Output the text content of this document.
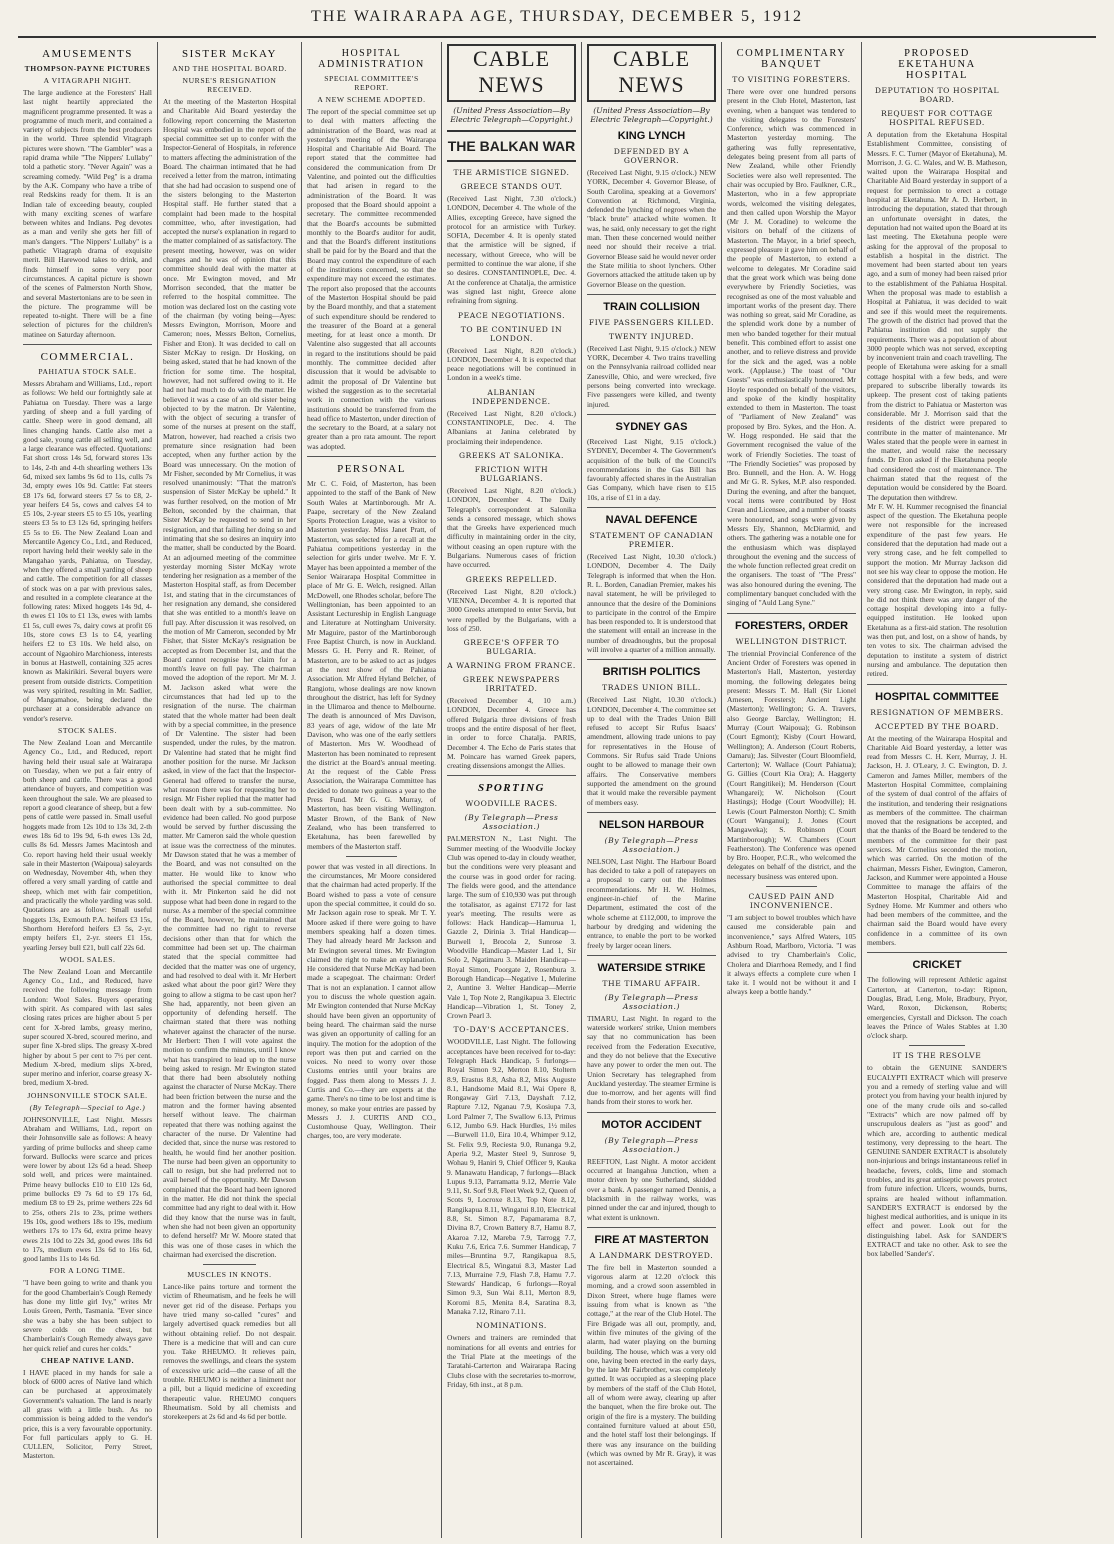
THE WAIRARAPA AGE, THURSDAY, DECEMBER 5, 1912
AMUSEMENTS
THOMPSON-PAYNE PICTURES
A VITAGRAPH NIGHT.

The large audience at the Foresters' Hall last night heartily appreciated the magnificent programme presented. It was a programme of much merit, and contained a variety of subjects from the best producers in the world. Three splendid Vitagraph pictures were shown. "The Gambler" was a rapid drama while "The Nippers' Lullaby" told a pathetic story. "Never Again" was a screaming comedy. "Wild Peg" is a drama by the A.K. Company who have a tribe of real Redskins ready for them. It is an Indian tale of exceeding beauty, coupled with many exciting scenes of warfare between whites and Indians. Peg devotes as a man and verily she gets her fill of man's dangers. "The Nippers' Lullaby" is a pathetic Vitagraph drama of exquisite merit. Bill Harewood takes to drink, and finds himself in some very poor circumstances. A capital picture is shown of the scenes of Palmerston North Show, and several Mastertonians are to be seen in the picture. The programme will be repeated to-night. There will be a fine selection of pictures for the children's matinee on Saturday afternoon.

COMMERCIAL.
PAHIATUA STOCK SALE.

Messrs Abraham and Williams, Ltd., report as follows: We held our fortnightly sale at Pahiatua on Tuesday. There was a large yarding of sheep and a full yarding of cattle. Sheep were in good demand, all lines changing hands. Cattle also met a good sale, young cattle all selling well, and a large clearance was effected. Quotations: Fat short cross 14s 5d, forward stores 13s to 14s, 2-th and 4-th shearling wethers 13s 6d, mixed sex lambs 9s 6d to 11s, culls 7s 3d, empty ewes 10s 9d. Cattle: Fat steers £8 17s 6d, forward steers £7 5s to £8, 2-year heifers £4 5s, cows and calves £4 to £5 10s, 2-year steers £5 to £5 10s, yearling steers £3 5s to £3 12s 6d, springing heifers £5 5s to £6. The New Zealand Loan and Mercantile Agency Co., Ltd., and Reduced, report having held their weekly sale in the Mangahao yards, Pahiatua, on Tuesday, when they offered a small yarding of sheep and cattle. The competition for all classes of stock was on a par with previous sales, and resulted in a complete clearance at the following rates: Mixed hoggets 14s 9d, 4-th ewes £1 10s to £1 13s, ewes with lambs £1 5s, cull ewes 7s, dairy cows at profit £6 10s, store cows £3 1s to £4, yearling heifers £2 to £3 10s. We held also, on account of Ngaohiro Marchioness, interests in bonus at Hastwell, containing 325 acres known as Makirikiri. Several buyers were present from outside districts. Competition was very spirited, resulting in Mr. Sadlier, of Mangamahoe, being declared the purchaser at a considerable advance on vendor's reserve.

STOCK SALES.

The New Zealand Loan and Mercantile Agency Co., Ltd., and Reduced, report having held their usual sale at Wairarapa on Tuesday, when we put a fair entry of both sheep and cattle. There was a good attendance of buyers, and competition was keen throughout the sale. We are pleased to report a good clearance of sheep, but a few pens of cattle were passed in. Small useful hoggets made from 12s 10d to 13s 3d, 2-th ewes 18s 6d to 19s 9d, 6-th ewes 13s 2d, culls 8s 6d. Messrs James Macintosh and Co. report having held their usual weekly sale in their Masterton (Waipoua) saleyards on Wednesday, November 4th, when they offered a very small yarding of cattle and sheep, which met with fair competition, and practically the whole yarding was sold. Quotations are as follow: Small useful hoggets 13s, Exmouth P.A. heifers £3 15s, Shorthorn Hereford heifers £3 5s, 2-yr. empty heifers £1, 2-yr. steers £1 15s, yearling Jersey bull £21, bull calf 22s 6d.

WOOL SALES.

The New Zealand Loan and Mercantile Agency Co., Ltd., and Reduced, have received the following message from London: Wool Sales. Buyers operating with spirit. As compared with last sales closing rates prices are higher about 5 per cent for X-bred lambs, greasy merino, super scoured X-bred, scoured merino, and super fine X-bred slips. The greasy X-bred higher by about 5 per cent to 7½ per cent. Medium X-bred, medium slips X-bred, super merino and inferior, coarse greasy X-bred, medium X-bred.

JOHNSONVILLE STOCK SALE.
(By Telegraph—Special to Age.)

JOHNSONVILLE, Last Night. Messrs Abraham and Williams, Ltd., report on their Johnsonville sale as follows: A heavy yarding of prime bullocks and sheep came forward. Bullocks were scarce and prices were lower by about 12s 6d a head. Sheep sold well, and prices were maintained. Prime heavy bullocks £10 to £10 12s 6d, prime bullocks £9 7s 6d to £9 17s 6d, medium £8 to £9 2s, prime wethers 22s 6d to 25s, others 21s to 23s, prime wethers 19s 10s, good wethers 18s to 19s, medium wethers 17s to 17s 6d, extra prime heavy ewes 21s 10d to 22s 3d, good ewes 18s 6d to 17s, medium ewes 13s 6d to 16s 6d, good lambs 11s to 14s 6d.

FOR A LONG TIME.

"I have been going to write and thank you for the good Chamberlain's Cough Remedy has done my little girl Ivy," writes Mr Louis Green, Perth, Tasmania. "Ever since she was a baby she has been subject to severe colds on the chest, but Chamberlain's Cough Remedy always gave her quick relief and cures her colds."

CHEAP NATIVE LAND.

I HAVE placed in my hands for sale a block of 6000 acres of Native land which can be purchased at approximately Government's valuation. The land is nearly all grass with a little bush. As no commission is being added to the vendor's price, this is a very favourable opportunity. For full particulars apply to G. H. CULLEN, Solicitor, Perry Street, Masterton.

SISTER McKAY
AND THE HOSPITAL BOARD.
NURSE'S RESIGNATION RECEIVED.

At the meeting of the Masterton Hospital and Charitable Aid Board yesterday the following report concerning the Masterton Hospital was embodied in the report of the special committee set up to confer with the Inspector-General of Hospitals, in reference to matters affecting the administration of the Board. The chairman intimated that he had received a letter from the matron, intimating that she had had occasion to suspend one of the sisters belonging to the Masterton Hospital staff. He further stated that a complaint had been made to the hospital committee, who, after investigation, had accepted the nurse's explanation in regard to the matter complained of as satisfactory. The present meeting, however, was on wider charges and he was of opinion that this committee should deal with the matter at once. Mr Ewington moved, and Mr Morrison seconded, that the matter be referred to the hospital committee. The motion was declared lost on the casting vote of the chairman (by voting being—Ayes: Messrs Ewington, Morrison, Moore and Cameron; noes, Messrs Belton, Cornelius, Fisher and Eton). It was decided to call on Sister McKay to resign. Dr Hosking, on being asked, stated that he had known of the friction for some time. The hospital, however, had not suffered owing to it. He had not had much to do with the matter. He believed it was a case of an old sister being objected to by the matron. Dr Valentine, with the object of securing a transfer of some of the nurses at present on the staff, Matron, however, had reached a crisis two premature since resignation had been accepted, when any further action by the Board was unnecessary. On the motion of Mr Fisher, seconded by Mr Cornelius, it was resolved unanimously: "That the matron's suspension of Sister McKay be upheld." It was further resolved, on the motion of Mr Belton, seconded by the chairman, that Sister McKay be requested to send in her resignation, and that failing her doing so and intimating that she so desires an inquiry into the matter, shall be conducted by the Board. At an adjourned meeting of the committee yesterday morning Sister McKay wrote tendering her resignation as a member of the Masterton Hospital staff, as from December 1st, and stating that in the circumstances of her resignation any demand, she considered that she was entitled to a month's leave on full pay. After discussion it was resolved, on the motion of Mr Cameron, seconded by Mr Fisher, that Sister McKay's resignation be accepted as from December 1st, and that the Board cannot recognise her claim for a month's leave on full pay. The chairman moved the adoption of the report. Mr M. J. M. Jackson asked what were the circumstances that had led up to the resignation of the nurse. The chairman stated that the whole matter had been dealt with by a special committee, in the presence of Dr Valentine. The sister had been suspended, under the rules, by the matron. Dr Valentine had stated that he might find another position for the nurse. Mr Jackson asked, in view of the fact that the Inspector-General had offered to transfer the nurse, what reason there was for requesting her to resign. Mr Fisher replied that the matter had been dealt with by a sub-committee. No evidence had been called. No good purpose would be served by further discussing the matter. Mr Cameron said the whole question at issue was the correctness of the minutes. Mr Dawson stated that he was a member of the Board, and was not consulted on the matter. He would like to know who authorised the special committee to deal with it. Mr Pinkerton said he did not suppose what had been done in regard to the nurse. As a member of the special committee of the Board, however, he maintained that the committee had no right to reverse decisions other than that for which the committee had been set up. The chairman stated that the special committee had decided that the matter was one of urgency, and had resolved to deal with it. Mr Herbert asked what about the poor girl? Were they going to allow a stigma to be cast upon her? She had, apparently, not been given an opportunity of defending herself. The chairman stated that there was nothing whatever against the character of the nurse. Mr Herbert: Then I will vote against the motion to confirm the minutes, until I know what has transpired to lead up to the nurse being asked to resign. Mr Ewington stated that there had been absolutely nothing against the character of Nurse McKay. There had been friction between the nurse and the matron and the former having absented herself without leave. The chairman repeated that there was nothing against the character of the nurse. Dr Valentine had decided that, since the nurse was restored to health, he would find her another position. The nurse had been given an opportunity to call to resign, but she had preferred not to avail herself of the opportunity. Mr Dawson complained that the Board had been ignored in the matter. He did not think the special committee had any right to deal with it. How did they know that the nurse was in fault, when she had not been given an opportunity to defend herself? Mr W. Moore stated that this was one of those cases in which the chairman had exercised the discretion.

MUSCLES IN KNOTS.

Lance-like pains torture and torment the victim of Rheumatism, and he feels he will never get rid of the disease. Perhaps you have tried many so-called "cures" and largely advertised quack remedies but all without obtaining relief. Do not despair. There is a medicine that will and can cure you. Take RHEUMO. It relieves pain, removes the swellings, and clears the system of excessive uric acid—the cause of all the trouble. RHEUMO is neither a liniment nor a pill, but a liquid medicine of exceeding therapeutic value. RHEUMO conquers Rheumatism. Sold by all chemists and storekeepers at 2s 6d and 4s 6d per bottle.

HOSPITAL ADMINISTRATION
SPECIAL COMMITTEE'S REPORT.
A NEW SCHEME ADOPTED.

The report of the special committee set up to deal with matters affecting the administration of the Board, was read at yesterday's meeting of the Wairarapa Hospital and Charitable Aid Board. The report stated that the committee had considered the communication from Dr Valentine, and pointed out the difficulties that had arisen in regard to the administration of the Board. It was proposed that the Board should appoint a secretary. The committee recommended that the Board's accounts be submitted monthly to the Board's auditor for audit, and that the Board's different institutions shall be paid for by the Board and that the Board may control the expenditure of each of the institutions concerned, so that the expenditure may not exceed the estimates. The report also proposed that the accounts of the Masterton Hospital should be paid by the Board monthly, and that a statement of such expenditure should be rendered to the treasurer of the Board at a general meeting, for at least once a month. Dr Valentine also suggested that all accounts in regard to the institutions should be paid monthly. The committee decided after discussion that it would be advisable to admit the proposal of Dr Valentine but wished the suggestion as to the secretarial work in connection with the various institutions should be transferred from the head office to Masterton, under direction of the secretary to the Board, at a salary not greater than a pro rata amount. The report was adopted.

PERSONAL

Mr C. C. Foid, of Masterton, has been appointed to the staff of the Bank of New South Wales at Martinborough. Mr A. Paape, secretary of the New Zealand Sports Protection League, was a visitor to Masterton yesterday. Miss Janet Pratt, of Masterton, was selected for a recall at the Pahiatua competitions yesterday in the selection for girls under twelve. Mr F. Y. Mayer has been appointed a member of the Senior Wairarapa Hospital Committee in place of Mr G. E. Welch, resigned. Allan McDowell, one Rhodes scholar, before The Wellingtonian, has been appointed to an Assistant Lectureship in English Language and Literature at Nottingham University. Mr Maguire, pastor of the Martinborough Free Baptist Church, is now in Auckland. Messrs G. H. Perry and R. Reiner, of Masterton, are to be asked to act as judges at the next show of the Pahiatua Association. Mr Alfred Hyland Belcher, of Rangiotu, whose dealings are now known throughout the district, has left for Sydney in the Ulimaroa and thence to Melbourne. The death is announced of Mrs Davison, 83 years of age, widow of the late Mr Davison, who was one of the early settlers of Masterton. Mrs W. Woodhead of Masterton has been nominated to represent the district at the Board's annual meeting. At the request of the Cable Press Association, the Wairarapa Committee has decided to donate two guineas a year to the Press Fund. Mr G. G. Murray, of Masterton, has been visiting Wellington. Master Brown, of the Bank of New Zealand, who has been transferred to Eketahuna, has been farewelled by members of the Masterton staff.

power that was vested in all directions. In the circumstances, Mr Moore considered that the chairman had acted properly. If the Board wished to pass a vote of censure upon the special committee, it could do so. Mr Jackson again rose to speak. Mr T. Y. Moore asked if there were going to have members speaking half a dozen times. They had already heard Mr Jackson and Mr Ewington several times. Mr Ewington claimed the right to make an explanation. He considered that Nurse McKay had been made a scapegoat. The chairman: Order! That is not an explanation. I cannot allow you to discuss the whole question again. Mr Ewington contended that Nurse McKay should have been given an opportunity of being heard. The chairman said the nurse was given an opportunity of calling for an inquiry. The motion for the adoption of the report was then put and carried on the voices. No need to worry over those Customs entries until your brains are fogged. Pass them along to Messrs J. J. Curtis and Co.—they are experts at the game. There's no time to be lost and time is money, so make your entries are passed by Messrs J. J. CURTIS AND CO., Customhouse Quay, Wellington. Their charges, too, are very moderate.

CABLE NEWS
(United Press Association—By Electric Telegraph—Copyright.)
THE BALKAN WAR
THE ARMISTICE SIGNED.
GREECE STANDS OUT.

(Received Last Night, 7.30 o'clock.) LONDON, December 4. The whole of the Allies, excepting Greece, have signed the protocol for an armistice with Turkey. SOFIA, December 4. It is openly stated that the armistice will be signed, if necessary, without Greece, who will be permitted to continue the war alone, if she so desires. CONSTANTINOPLE, Dec. 4. At the conference at Chatalja, the armistice was signed last night, Greece alone refraining from signing.

PEACE NEGOTIATIONS.
TO BE CONTINUED IN LONDON.

(Received Last Night, 8.20 o'clock.) LONDON, December 4. It is expected that peace negotiations will be continued in London in a week's time.

ALBANIAN INDEPENDENCE.

(Received Last Night, 8.20 o'clock.) CONSTANTINOPLE, Dec. 4. The Albanians at Janina celebrated by proclaiming their independence.

GREEKS AT SALONIKA.
FRICTION WITH BULGARIANS.

(Received Last Night, 8.20 o'clock.) LONDON, December 4. The Daily Telegraph's correspondent at Salonika sends a censored message, which shows that the Greeks have experienced much difficulty in maintaining order in the city, without ceasing an open rupture with the Bulgarians. Numerous cases of friction have occurred.

GREEKS REPELLED.

(Received Last Night, 8.20 o'clock.) VIENNA, December 4. It is reported that 3000 Greeks attempted to enter Servia, but were repelled by the Bulgarians, with a loss of 250.

GREECE'S OFFER TO BULGARIA.
A WARNING FROM FRANCE.
GREEK NEWSPAPERS IRRITATED.

(Received December 4, 10 a.m.) LONDON, December 4. Greece has offered Bulgaria three divisions of fresh troops and the entire disposal of her fleet, in order to force Chatalja. PARIS, December 4. The Echo de Paris states that M. Poincare has warned Greek papers, creating dissensions amongst the Allies.

SPORTING
WOODVILLE RACES.
(By Telegraph—Press Association.)

PALMERSTON N., Last Night. The Summer meeting of the Woodville Jockey Club was opened to-day in cloudy weather, but the conditions were very pleasant and the course was in good order for racing. The fields were good, and the attendance large. The sum of £10,930 was put through the totalisator, as against £7172 for last year's meeting. The results were as follows: Hack Handicap—Hamurua 1, Gazzle 2, Dirinia 3. Trial Handicap—Burwell 1, Brocola 2, Sunrose 3. Woodville Handicap—Master Lad 1, Sir Solo 2, Ngatimaru 3. Maiden Handicap—Royal Simon, Poorgate 2, Rosenbura 3. Borough Handicap—Negative 1, Mulerine 2, Auntine 3. Welter Handicap—Merrie Vale 1, Top Note 2, Rangikapua 3. Electric Handicap—Vibration 1, St. Toney 2, Crown Pearl 3.

TO-DAY'S ACCEPTANCES.

WOODVILLE, Last Night. The following acceptances have been received for to-day: Telegraph Hack Handicap, 5 furlongs—Royal Simon 9.2, Merton 8.10, Stoltern 8.9, Erastus 8.8, Asha 8.2, Miss Auguste 8.1, Handsome Maid 8.1, Wai Opere 8, Rongaway Girl 7.13, Dayshaft 7.12, Rapture 7.12, Nganau 7.9, Kosiupa 7.3, Lord Palmer 7, The Swallow 6.13, Primus 6.12, Jumbo 6.9. Hack Hurdles, 1½ miles—Burwell 11.0, Eira 10.4, Whimper 9.12, St. Felix 9.9, Reciesta 9.0, Runanga 9.2, Aperia 9.2, Master Steel 9, Sunrose 9, Wohau 9, Haniri 9, Chief Officer 9, Kauka 9. Manawatu Handicap, 7 furlongs—Black Lupus 9.13, Parramatta 9.12, Merrie Vale 9.11, St. Sorf 9.8, Fleet Week 9.2, Queen of Scots 9, Locroxe 8.13, Top Note 8.12, Rangikapua 8.11, Wingatui 8.10, Electrical 8.8, St. Simon 8.7, Papamarama 8.7, Divina 8.7, Crown Battery 8.7, Hamu 8.7, Akaroa 7.12, Mareba 7.9, Tarrogg 7.7, Kuku 7.6, Erica 7.6. Summer Handicap, 7 miles—Bruntina 9.7, Rangikapua 8.5, Electrical 8.5, Wingatui 8.3, Master Lad 7.13, Murraine 7.9, Flash 7.8, Hamu 7.7. Stewards' Handicap, 6 furlongs—Royal Simon 9.3, Sun Wai 8.11, Merton 8.9, Koromi 8.5, Menita 8.4, Saratina 8.3, Manaka 7.12, Rinaro 7.11.

NOMINATIONS.

Owners and trainers are reminded that nominations for all events and entries for the Trial Plate at the meetings of the Taratahi-Carterton and Wairarapa Racing Clubs close with the secretaries to-morrow, Friday, 6th inst., at 8 p.m.

CABLE NEWS
(United Press Association—By Electric Telegraph—Copyright.)
KING LYNCH
DEFENDED BY A GOVERNOR.

(Received Last Night, 9.15 o'clock.) NEW YORK, December 4. Governor Blease, of South Carolina, speaking at a Governors' Convention at Richmond, Virginia, defended the lynching of negroes when the "black brute" attacked white women. It was, he said, only necessary to get the right man. Then these concerned would neither need nor should their receive a trial. Governor Blease said he would never order the State militia to shoot lynchers. Other Governors attacked the attitude taken up by Governor Blease on the question.

TRAIN COLLISION
FIVE PASSENGERS KILLED.
TWENTY INJURED.

(Received Last Night, 9.15 o'clock.) NEW YORK, December 4. Two trains travelling on the Pennsylvania railroad collided near Zanesville, Ohio, and were wrecked, five persons being converted into wreckage. Five passengers were killed, and twenty injured.

SYDNEY GAS

(Received Last Night, 9.15 o'clock.) SYDNEY, December 4. The Government's acquisition of the bulk of the Council's recommendations in the Gas Bill has favourably affected shares in the Australian Gas Company, which have risen to £15 10s, a rise of £1 in a day.

NAVAL DEFENCE
STATEMENT OF CANADIAN PREMIER.

(Received Last Night, 10.30 o'clock.) LONDON, December 4. The Daily Telegraph is informed that when the Hon. R. L. Borden, Canadian Premier, makes his naval statement, he will be privileged to announce that the desire of the Dominions to participate in the control of the Empire has been responded to. It is understood that the statement will entail an increase in the number of dreadnoughts, but the proposal will involve a quarter of a million annually.

BRITISH POLITICS
TRADES UNION BILL.

(Received Last Night, 10.30 o'clock.) LONDON, December 4. The committee set up to deal with the Trades Union Bill refused to accept Sir Rufus Isaacs' amendment, allowing trade unions to pay for representatives in the House of Commons. Sir Rufus said Trade Unions ought to be allowed to manage their own affairs. The Conservative members supported the amendment on the ground that it would make the reversible payment of members easy.

NELSON HARBOUR
(By Telegraph—Press Association.)

NELSON, Last Night. The Harbour Board has decided to take a poll of ratepayers on a proposal to carry out the Holmes recommendations. Mr H. W. Holmes, engineer-in-chief of the Marine Department, estimated the cost of the whole scheme at £112,000, to improve the harbour by dredging and widening the entrance, to enable the port to be worked freely by larger ocean liners.

WATERSIDE STRIKE
THE TIMARU AFFAIR.
(By Telegraph—Press Association.)

TIMARU, Last Night. In regard to the waterside workers' strike, Union members say that no communication has been received from the Federation Executive, and they do not believe that the Executive have any power to order the men out. The Union Secretary has telegraphed from Auckland yesterday. The steamer Ermine is due to-morrow, and her agents will find hands from their stores to work her.

MOTOR ACCIDENT
(By Telegraph—Press Association.)

REEFTON, Last Night. A motor accident occurred at Inangahua Junction, when a motor driven by one Sutherland, skidded over a bank. A passenger named Dennis, a blacksmith in the railway works, was pinned under the car and injured, though to what extent is unknown.

FIRE AT MASTERTON
A LANDMARK DESTROYED.

The fire bell in Masterton sounded a vigorous alarm at 12.20 o'clock this morning, and a crowd soon assembled in Dixon Street, where huge flames were issuing from what is known as "the cottage," at the rear of the Club Hotel. The Fire Brigade was all out, promptly, and, within five minutes of the giving of the alarm, had water playing on the burning building. The house, which was a very old one, having been erected in the early days, by the late Mr Fairbrother, was completely gutted. It was occupied as a sleeping place by members of the staff of the Club Hotel, all of whom were away, clearing up after the banquet, when the fire broke out. The origin of the fire is a mystery. The building contained furniture valued at about £50, and the hotel staff lost their belongings. If there was any insurance on the building (which was owned by Mr R. Gray), it was not ascertained.

COMPLIMENTARY BANQUET
TO VISITING FORESTERS.

There were over one hundred persons present in the Club Hotel, Masterton, last evening, when a banquet was tendered to the visiting delegates to the Foresters' Conference, which was commenced in Masterton yesterday morning. The gathering was fully representative, delegates being present from all parts of New Zealand, while other Friendly Societies were also well represented. The chair was occupied by Bro. Faulkner, C.R., Masterton, who in a few appropriate words, welcomed the visiting delegates, and then called upon Worship the Mayor (Mr J. M. Coradine) to welcome the visitors on behalf of the citizens of Masterton. The Mayor, in a brief speech, expressed pleasure it gave him on behalf of the people of Masterton, to extend a welcome to delegates. Mr Coradine said that the great work which was being done everywhere by Friendly Societies, was recognised as one of the most valuable and important works of the present day. There was nothing so great, said Mr Coradine, as the splendid work done by a number of men who banded together for their mutual benefit. This combined effort to assist one another, and to relieve distress and provide for the sick and the aged, was a noble work. (Applause.) The toast of "Our Guests" was enthusiastically honoured. Mr Hoyle responded on behalf of the visitors, and spoke of the kindly hospitality extended to them in Masterton. The toast of "Parliament of New Zealand" was proposed by Bro. Sykes, and the Hon. A. W. Hogg responded. He said that the Government recognised the value of the work of Friendly Societies. The toast of "The Friendly Societies" was proposed by Bro. Bunnell, and the Hon. A. W. Hogg and Mr G. R. Sykes, M.P. also responded. During the evening, and after the banquet, vocal items were contributed by Host Crean and Licensee, and a number of toasts were honoured, and songs were given by Messrs Ely, Shannon, McDiarmid, and others. The gathering was a notable one for the enthusiasm which was displayed throughout the evening and the success of the whole function reflected great credit on the organisers. The toast of "The Press" was also honoured during the evening. The complimentary banquet concluded with the singing of "Auld Lang Syne."

FORESTERS, ORDER
WELLINGTON DISTRICT.

The triennial Provincial Conference of the Ancient Order of Foresters was opened in Masterton's Hall, Masterton, yesterday morning, the following delegates being present: Messrs T. M. Hall (Sir Lionel Arnesen, Foresters); Ancient Light (Masterton); Wellington; G. A. Travers, also George Barclay, Wellington; H. Murray (Court Waipoua); G. Robinson (Court Egmont); Kisby (Court Howard, Wellington); A. Anderson (Court Roberts, Oamaru); Jas. Silvester (Court Bloomfield, Carterton); W. Wallace (Court Pahiatua); G. Gillies (Court Kia Ora); A. Haggerty (Court Rangitikei); M. Henderson (Court Whangarei); W. Nicholson (Court Hastings); Hodge (Court Woodville); H. Lewis (Court Palmerston North); C. Smith (Court Wanganui); J. Jones (Court Mangaweka); S. Robinson (Court Martinborough); W. Chambers (Court Featherston). The Conference was opened by Bro. Hooper, P.C.R., who welcomed the delegates on behalf of the district, and the necessary business was entered upon.

CAUSED PAIN AND INCONVENIENCE.

"I am subject to bowel troubles which have caused me considerable pain and inconvenience," says Alfred Waters, 105 Ashburn Road, Marlboro, Victoria. "I was advised to try Chamberlain's Colic, Cholera and Diarrhoea Remedy, and I find it always effects a complete cure when I take it. I would not be without it and I always keep a bottle handy."

PROPOSED EKETAHUNA HOSPITAL
DEPUTATION TO HOSPITAL BOARD.
REQUEST FOR COTTAGE HOSPITAL REFUSED.

A deputation from the Eketahuna Hospital Establishment Committee, consisting of Messrs. F. C. Turner (Mayor of Eketahuna), M. Morrison, J. G. C. Wales, and W. B. Matheson, waited upon the Wairarapa Hospital and Charitable Aid Board yesterday in support of a request for permission to erect a cottage hospital at Eketahuna. Mr A. D. Herbert, in introducing the deputation, stated that through an unfortunate oversight in dates, the deputation had not waited upon the Board at its last meeting. The Eketahuna people were asking for the approval of the proposal to establish a hospital in the district. The movement had been started about ten years ago, and a sum of money had been raised prior to the establishment of the Pahiatua Hospital. When the proposal was made to establish a Hospital at Pahiatua, it was decided to wait and see if this would meet the requirements. The growth of the district had proved that the Pahiatua institution did not supply the requirements. There was a population of about 3000 people which was not served, excepting by inconvenient train and coach travelling. The people of Eketahuna were asking for a small cottage hospital with a few beds, and were prepared to subscribe liberally towards its upkeep. The present cost of taking patients from the district to Pahiatua or Masterton was considerable. Mr J. Morrison said that the residents of the district were prepared to contribute in the matter of maintenance. Mr Wales stated that the people were in earnest in the matter, and would raise the necessary funds. Dr Eton asked if the Eketahuna people had considered the cost of maintenance. The chairman stated that the request of the deputation would be considered by the Board. The deputation then withdrew.

Mr F. W. H. Kummer recognised the financial aspect of the question. The Eketahuna people were not responsible for the increased expenditure of the past few years. He considered that the deputation had made out a very strong case, and he felt compelled to support the motion. Mr Murray Jackson did not see his way clear to oppose the motion. He considered that the deputation had made out a very strong case. Mr Ewington, in reply, said he did not think there was any danger of the cottage hospital developing into a fully-equipped institution. He looked upon Eketahuna as a first-aid station. The resolution was then put, and lost, on a show of hands, by ten votes to six. The chairman advised the deputation to institute a system of district nursing and ambulance. The deputation then retired.

HOSPITAL COMMITTEE
RESIGNATION OF MEMBERS.
ACCEPTED BY THE BOARD.

At the meeting of the Wairarapa Hospital and Charitable Aid Board yesterday, a letter was read from Messrs C. H. Kerr, Murray, J. H. Jackson, H. J. O'Leary, J. C. Ewington, D. J. Cameron and James Miller, members of the Masterton Hospital Committee, complaining of the system of dual control of the affairs of the institution, and tendering their resignations as members of the committee. The chairman moved that the resignations be accepted, and that the thanks of the Board be tendered to the members of the committee for their past services. Mr Cornelius seconded the motion, which was carried. On the motion of the chairman, Messrs Fisher, Ewington, Cameron, Jackson, and Kummer were appointed a House Committee to manage the affairs of the Masterton Hospital, Charitable Aid and Sydney Home. Mr Kummer and others who had been members of the committee, and the chairman said the Board would have every confidence in a committee of its own members.

CRICKET

The following will represent Athletic against Carterton, at Carterton, to-day: Ripnon, Douglas, Brad, Leng, Mole, Bradbury, Pryor, Ward, Roxon, Dickenson, Roberts; emergencies, Cyrstall and Dickson. The coach leaves the Prince of Wales Stables at 1.30 o'clock sharp.

IT IS THE RESOLVE

to obtain the GENUINE SANDER'S EUCALYPTI EXTRACT which will preserve you and a remedy of sterling value and will protect you from having your health injured by one of the many crude oils and so-called "Extracts" which are now palmed off by unscrupulous dealers as "just as good" and which are, according to authentic medical testimony, very depressing to the heart. The GENUINE SANDER EXTRACT is absolutely non-injurious and brings instantaneous relief in headache, fevers, colds, lime and stomach troubles, and its great antiseptic powers protect from future infection. Ulcers, wounds, burns, sprains are healed without inflammation. SANDER'S EXTRACT is endorsed by the highest medical authorities, and is unique in its effect and power. Look out for the distinguishing label. Ask for SANDER'S EXTRACT and take no other. Ask to see the box labelled 'Sander's'.
